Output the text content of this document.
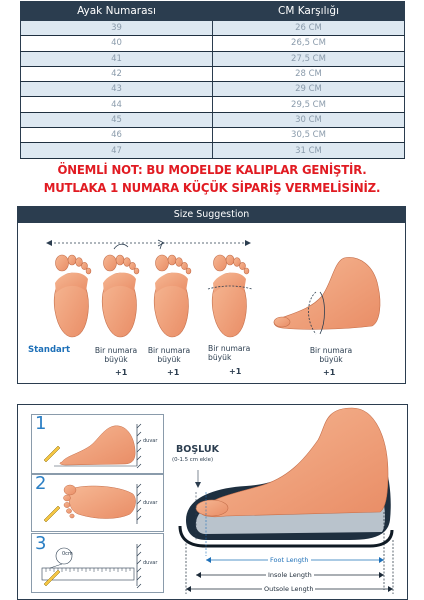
Ayak Numarası	CM Karşılığı
39	26 CM
40	26,5 CM
41	27,5 CM
42	28 CM
43	29 CM
44	29,5 CM
45	30 CM
46	30,5 CM
47	31 CM
ÖNEMLİ NOT: BU MODELDE KALIPLAR GENİŞTİR.
MUTLAKA 1 NUMARA KÜÇÜK SİPARİŞ VERMELİSİNİZ.
Size Suggestion
Standart	Bir numara
büyük
+1
Bir numara
büyük
+1
Bir numara
büyük
+1
Bir numara
büyük
+1
1
2
3
duvar
duvar
duvar
0cm
BOŞLUK
(0-1.5 cm ekle)
Foot Length
Insole Length
Outsole Length
